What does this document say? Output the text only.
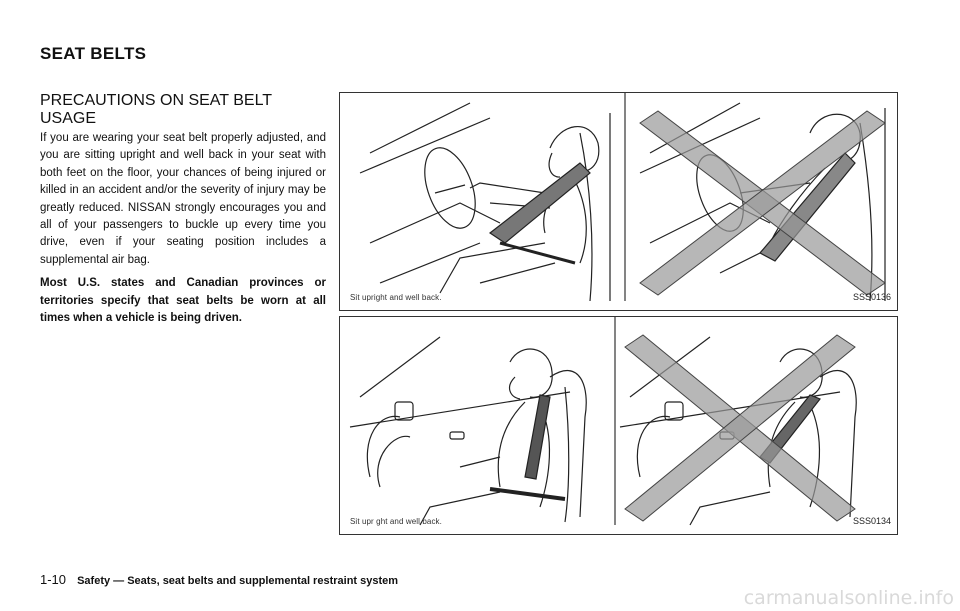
SEAT BELTS
PRECAUTIONS ON SEAT BELT USAGE

If you are wearing your seat belt properly adjusted, and you are sitting upright and well back in your seat with both feet on the floor, your chances of being injured or killed in an accident and/or the severity of injury may be greatly reduced. NISSAN strongly encourages you and all of your passengers to buckle up every time you drive, even if your seating position includes a supplemental air bag.

Most U.S. states and Canadian provinces or territories specify that seat belts be worn at all times when a vehicle is being driven.

Sit upright and well back.	SSS0136
Sit upr ght and well back.	SSS0134
1-10 Safety — Seats, seat belts and supplemental restraint system
carmanualsonline.info
